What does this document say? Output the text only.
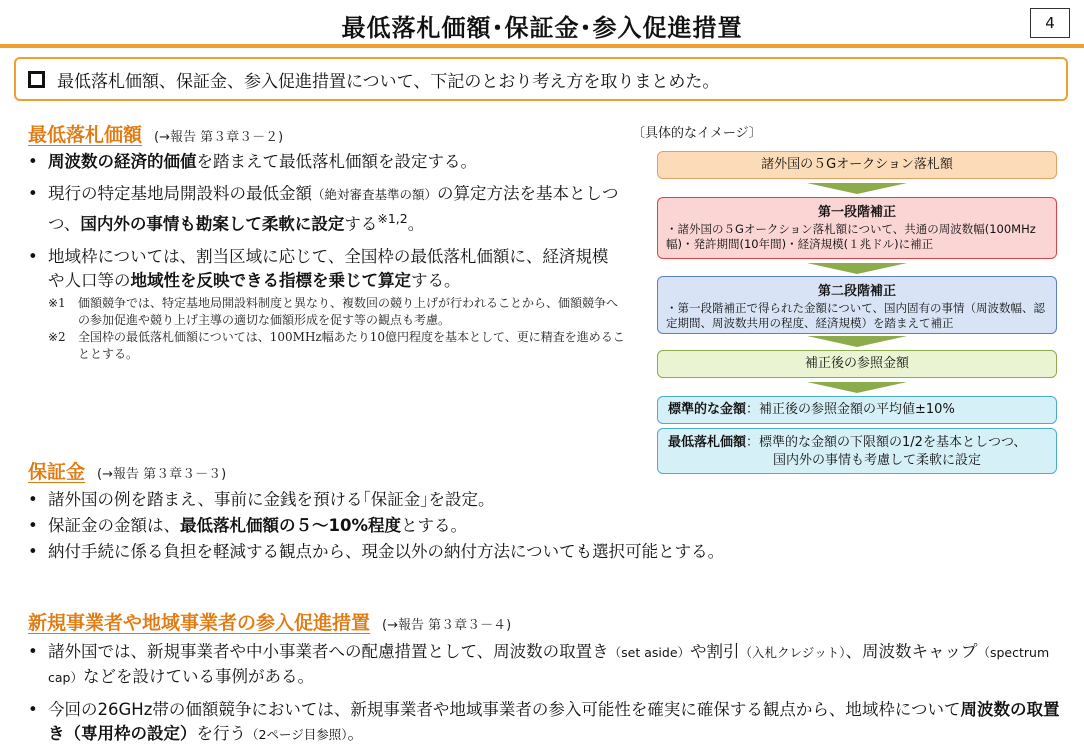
最低落札価額･保証金･参入促進措置	4
最低落札価額、保証金、参入促進措置について、下記のとおり考え方を取りまとめた。
最低落札価額 (→報告 第３章３－２)
• 周波数の経済的価値を踏まえて最低落札価額を設定する。
• 現行の特定基地局開設料の最低金額（絶対審査基準の額）の算定方法を基本としつつ、国内外の事情も勘案して柔軟に設定する$^{※1,2}$。
• 地域枠については、割当区域に応じて、全国枠の最低落札価額に、経済規模や人口等の地域性を反映できる指標を乗じて算定する。
※1	価額競争では、特定基地局開設料制度と異なり、複数回の競り上げが行われることから、価額競争への参加促進や競り上げ主導の適切な価額形成を促す等の観点も考慮。
※2	全国枠の最低落札価額については、100MHz幅あたり10億円程度を基本として、更に精査を進めることとする。
〔具体的なイメージ〕
諸外国の５Gオークション落札額
第一段階補正
・諸外国の５Gオークション落札額について、共通の周波数幅(100MHz幅)・発許期間(10年間)・経済規模(１兆ドル)に補正
第二段階補正
・第一段階補正で得られた金額について、国内固有の事情（周波数幅、認定期間、周波数共用の程度、経済規模）を踏まえて補正
補正後の参照金額
標準的な金額：補正後の参照金額の平均値±10%
最低落札価額：標準的な金額の下限額の1/2を基本としつつ、
国内外の事情も考慮して柔軟に設定
保証金 (→報告 第３章３－３)
• 諸外国の例を踏まえ、事前に金銭を預ける｢保証金｣を設定。
• 保証金の金額は、最低落札価額の５～10%程度とする。
• 納付手続に係る負担を軽減する観点から、現金以外の納付方法についても選択可能とする。
新規事業者や地域事業者の参入促進措置 (→報告 第３章３－４)
• 諸外国では、新規事業者や中小事業者への配慮措置として、周波数の取置き（set aside）や割引（入札クレジット）、周波数キャップ（spectrum cap）などを設けている事例がある。
• 今回の26GHz帯の価額競争においては、新規事業者や地域事業者の参入可能性を確実に確保する観点から、地域枠について周波数の取置き（専用枠の設定）を行う（2ページ目参照）。
